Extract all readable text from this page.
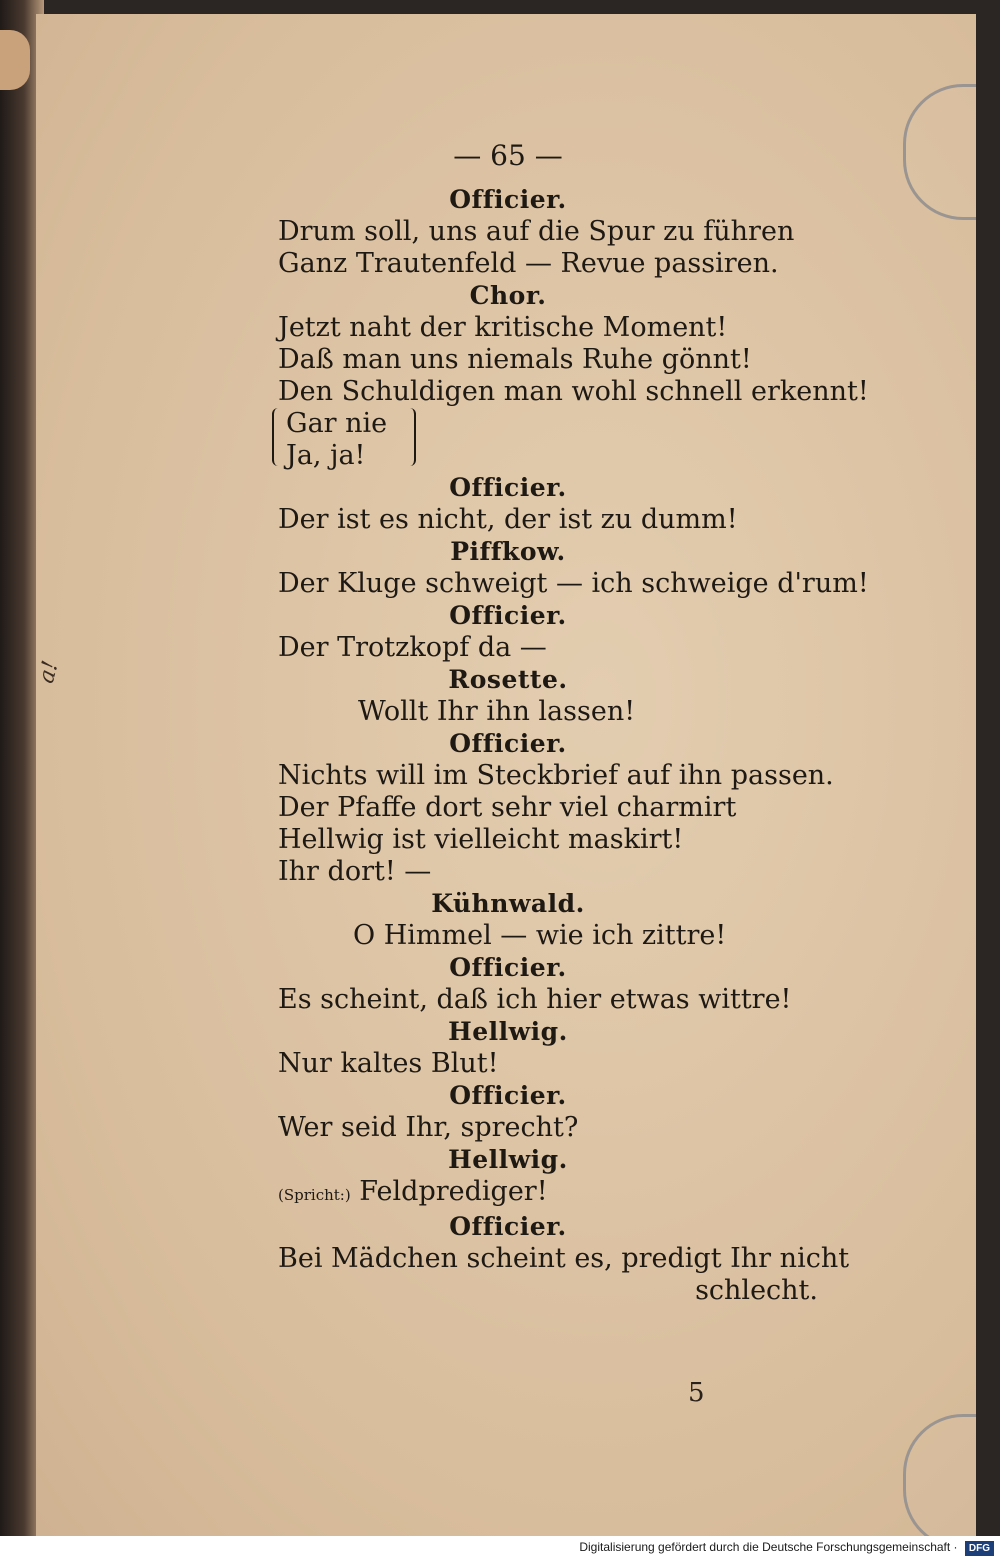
a!
— 65 —
Officier.
Drum soll, uns auf die Spur zu führen
Ganz Trautenfeld — Revue passiren.
Chor.
Jetzt naht der kritische Moment!
Daß man uns niemals Ruhe gönnt!
Den Schuldigen man wohl schnell erkennt!
Gar nie
Ja, ja!
Officier.
Der ist es nicht, der ist zu dumm!
Piffkow.
Der Kluge schweigt — ich schweige d'rum!
Officier.
Der Trotzkopf da —
Rosette.
Wollt Ihr ihn lassen!
Officier.
Nichts will im Steckbrief auf ihn passen.
Der Pfaffe dort sehr viel charmirt
Hellwig ist vielleicht maskirt!
Ihr dort! —
Kühnwald.
O Himmel — wie ich zittre!
Officier.
Es scheint, daß ich hier etwas wittre!
Hellwig.
Nur kaltes Blut!
Officier.
Wer seid Ihr, sprecht?
Hellwig.
(Spricht:) Feldprediger!
Officier.
Bei Mädchen scheint es, predigt Ihr nicht
schlecht.
5
Digitalisierung gefördert durch die Deutsche Forschungsgemeinschaft · DFG
